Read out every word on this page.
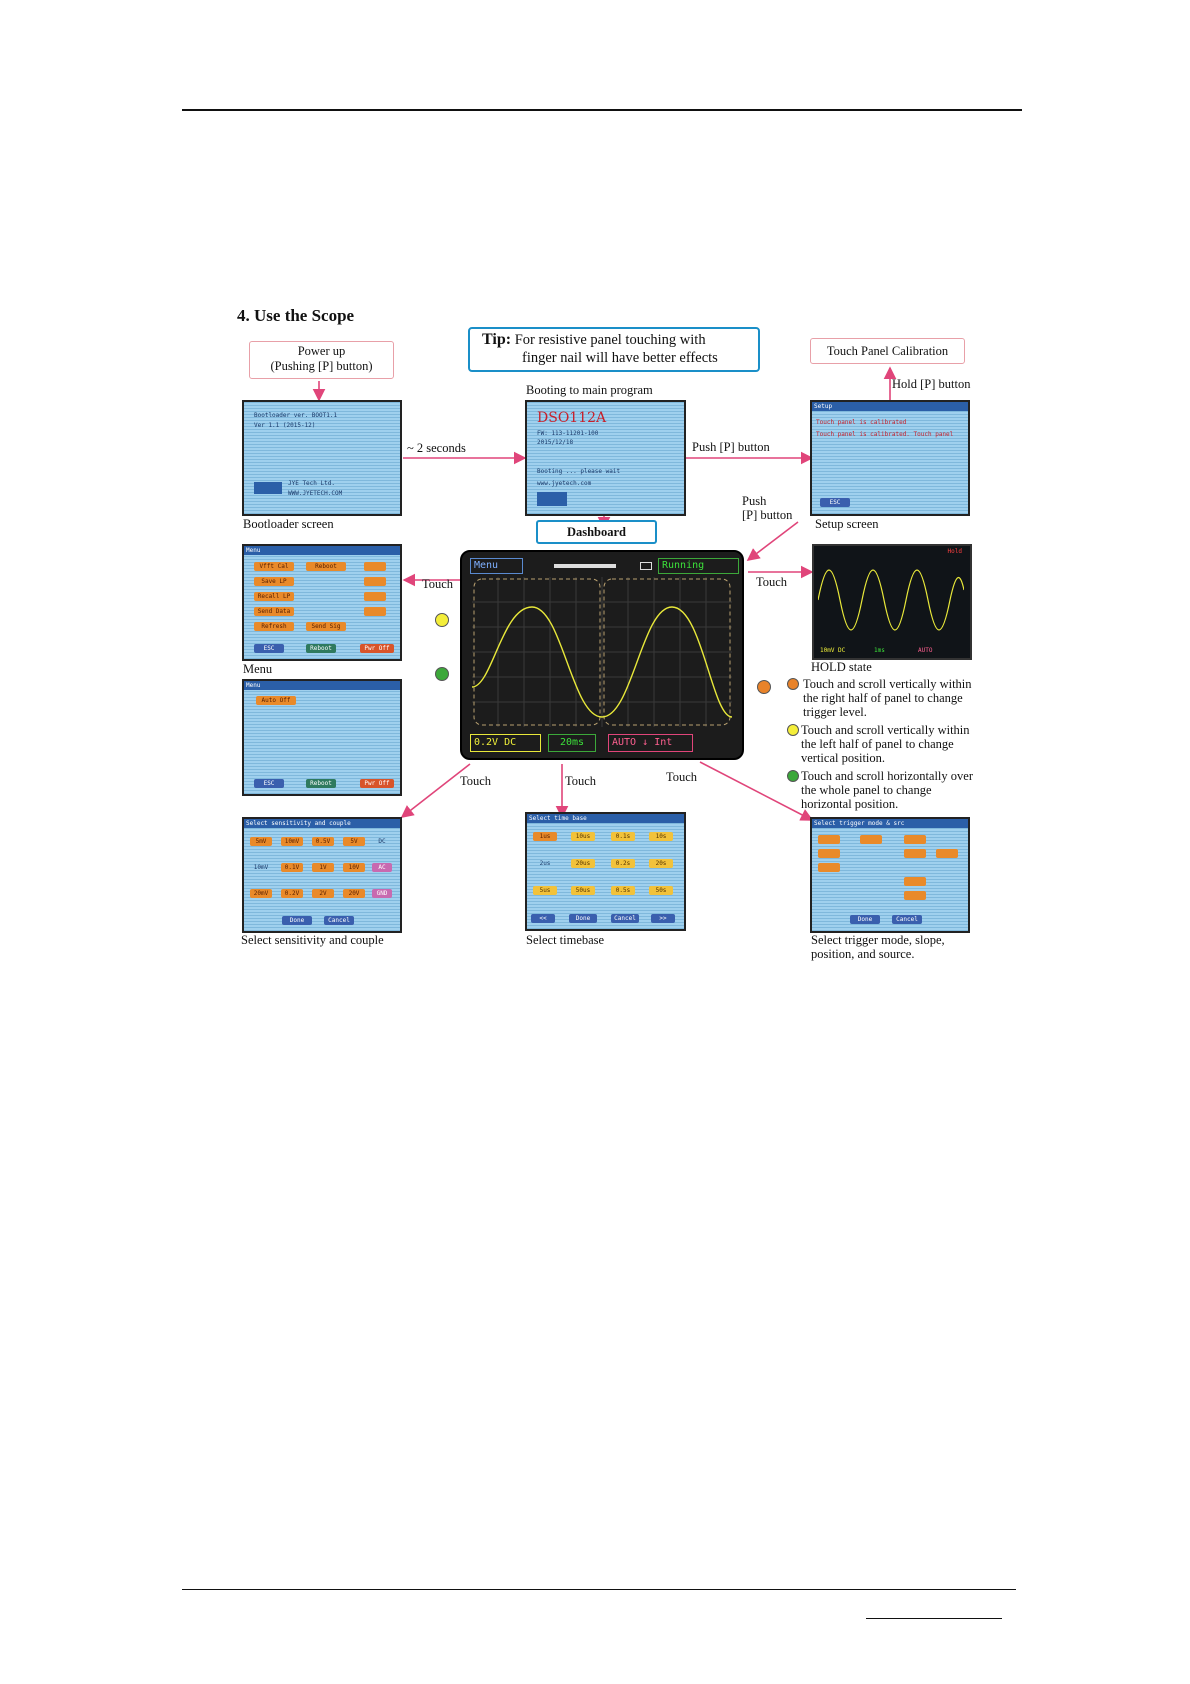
4. Use the Scope
Power up
(Pushing [P] button)
Tip: For resistive panel touching with
finger nail will have better effects	Touch Panel Calibration
Hold [P] button
Booting to main program
~ 2 seconds	Push [P] button
Push
[P] button
Bootloader ver. BOOT1.1
Ver 1.1 (2015-12)
JYE Tech Ltd.
WWW.JYETECH.COM
Bootloader screen
DSO112A
FW: 113-11201-100
2015/12/18
Booting ... please wait
www.jyetech.com
Setup
Touch panel is calibrated
Touch panel is calibrated. Touch panel
ESC
Setup screen
Dashboard
Menu
Vfft Cal	Reboot
Save LP
Recall LP
Send Data
Refresh	Send Sig
ESC	Reboot	Pwr Off
Touch
Menu
Menu
Auto Off
ESC	Reboot	Pwr Off
Menu	Running
0.2V DC	20ms	AUTO ↓ Int
Hold
10mV DC	1ms	AUTO
Touch
HOLD state
Touch and scroll vertically within
the right half of panel to change
trigger level.
Touch and scroll vertically within
the left half of panel to change
vertical position.
Touch and scroll horizontally over
the whole panel to change
horizontal position.
Touch	Touch	Touch
Select sensitivity and couple
5mV	10mV	0.5V	5V
10mV	0.1V	1V	10V
20mV	0.2V	2V	20V
DC
AC
GND
Done	Cancel
Select sensitivity and couple
Select time base
1us	10us	0.1s	10s
2us	20us	0.2s	20s
5us	50us	0.5s	50s
<<	Done	Cancel	>>
Select timebase
Select trigger mode & src
Done	Cancel
Select trigger mode, slope,
position, and source.
